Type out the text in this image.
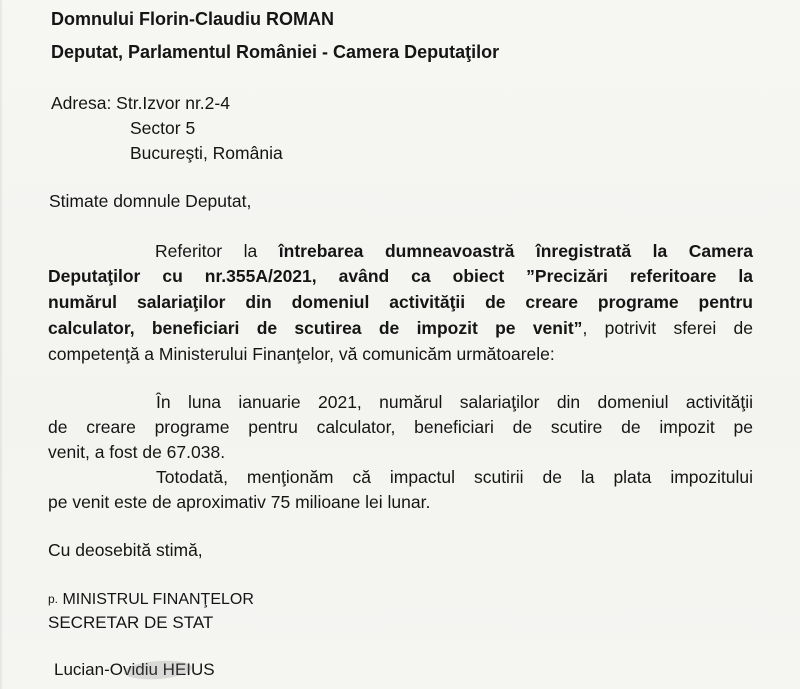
Domnului Florin-Claudiu ROMAN
Deputat, Parlamentul României - Camera Deputaţilor
Adresa: Str.Izvor nr.2-4
Sector 5
Bucureşti, România
Stimate domnule Deputat,
Referitor la întrebarea dumneavoastră înregistrată la Camera
Deputaţilor cu nr.355A/2021, având ca obiect ”Precizări referitoare la
numărul salariaţilor din domeniul activităţii de creare programe pentru
calculator, beneficiari de scutirea de impozit pe venit”, potrivit sferei de
competenţă a Ministerului Finanţelor, vă comunicăm următoarele:
În luna ianuarie 2021, numărul salariaţilor din domeniul activităţii
de creare programe pentru calculator, beneficiari de scutire de impozit pe
venit, a fost de 67.038.
Totodată, menţionăm că impactul scutirii de la plata impozitului
pe venit este de aproximativ 75 milioane lei lunar.
Cu deosebită stimă,
p. MINISTRUL FINANŢELOR
SECRETAR DE STAT
Lucian-Ovidiu HEIUS
